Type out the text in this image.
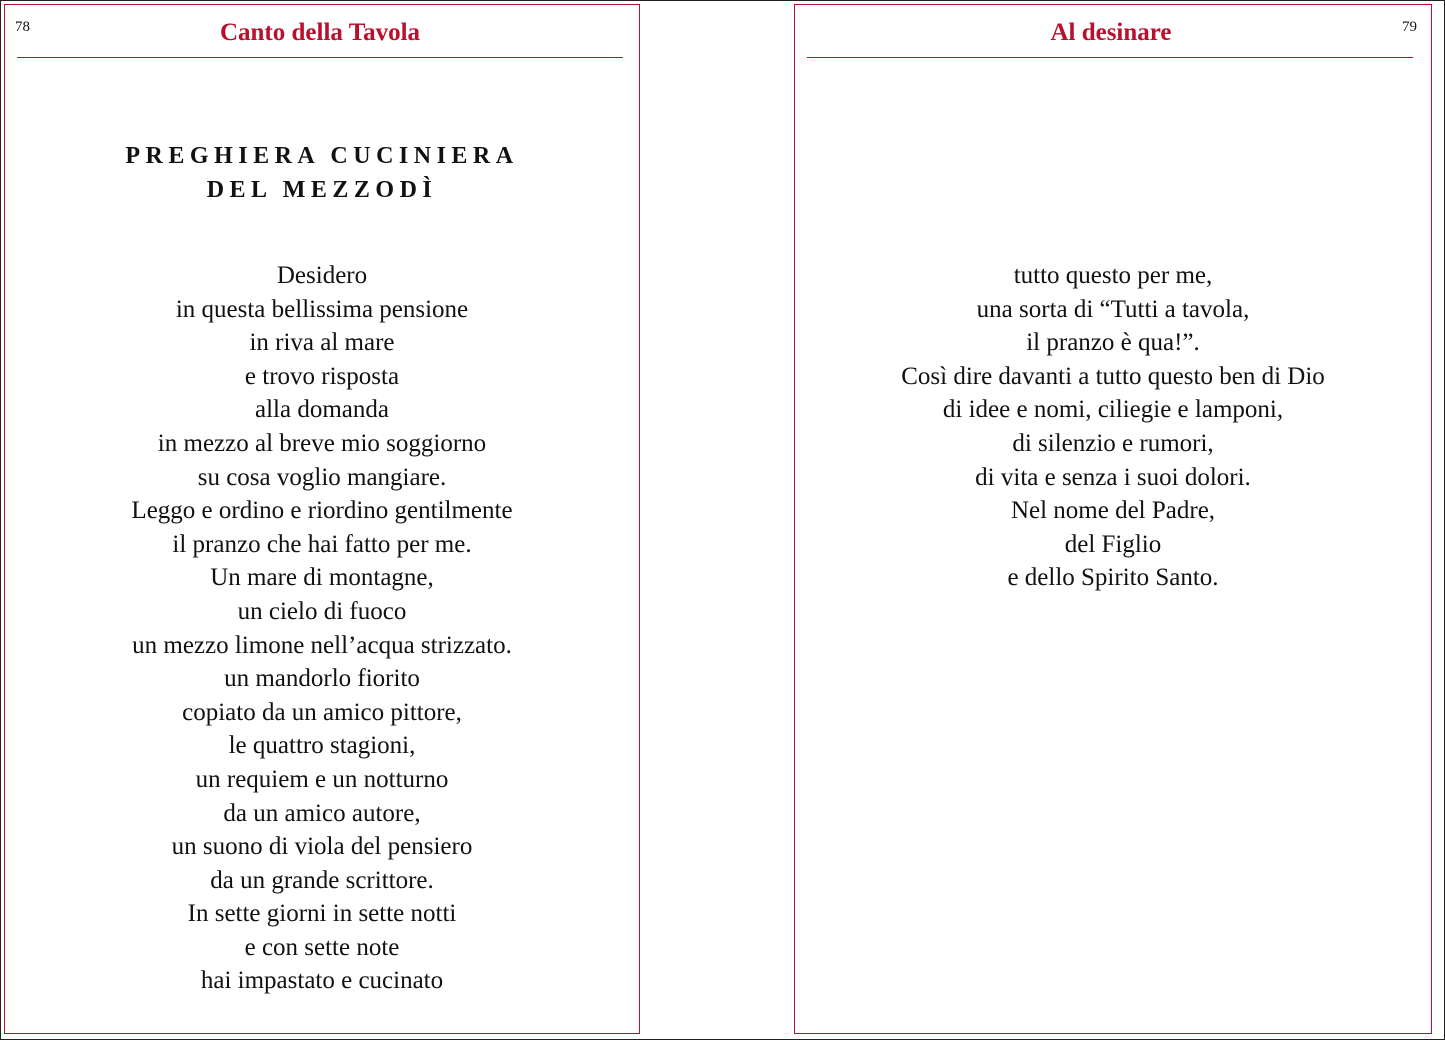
78	Canto della Tavola
PREGHIERA CUCINIERA
DEL MEZZODÌ
Desidero
in questa bellissima pensione
in riva al mare
e trovo risposta
alla domanda
in mezzo al breve mio soggiorno
su cosa voglio mangiare.
Leggo e ordino e riordino gentilmente
il pranzo che hai fatto per me.
Un mare di montagne,
un cielo di fuoco
un mezzo limone nell’acqua strizzato.
un mandorlo fiorito
copiato da un amico pittore,
le quattro stagioni,
un requiem e un notturno
da un amico autore,
un suono di viola del pensiero
da un grande scrittore.
In sette giorni in sette notti
e con sette note
hai impastato e cucinato
79
Al desinare
tutto questo per me,
una sorta di “Tutti a tavola,
il pranzo è qua!”.
Così dire davanti a tutto questo ben di Dio
di idee e nomi, ciliegie e lamponi,
di silenzio e rumori,
di vita e senza i suoi dolori.
Nel nome del Padre,
del Figlio
e dello Spirito Santo.
